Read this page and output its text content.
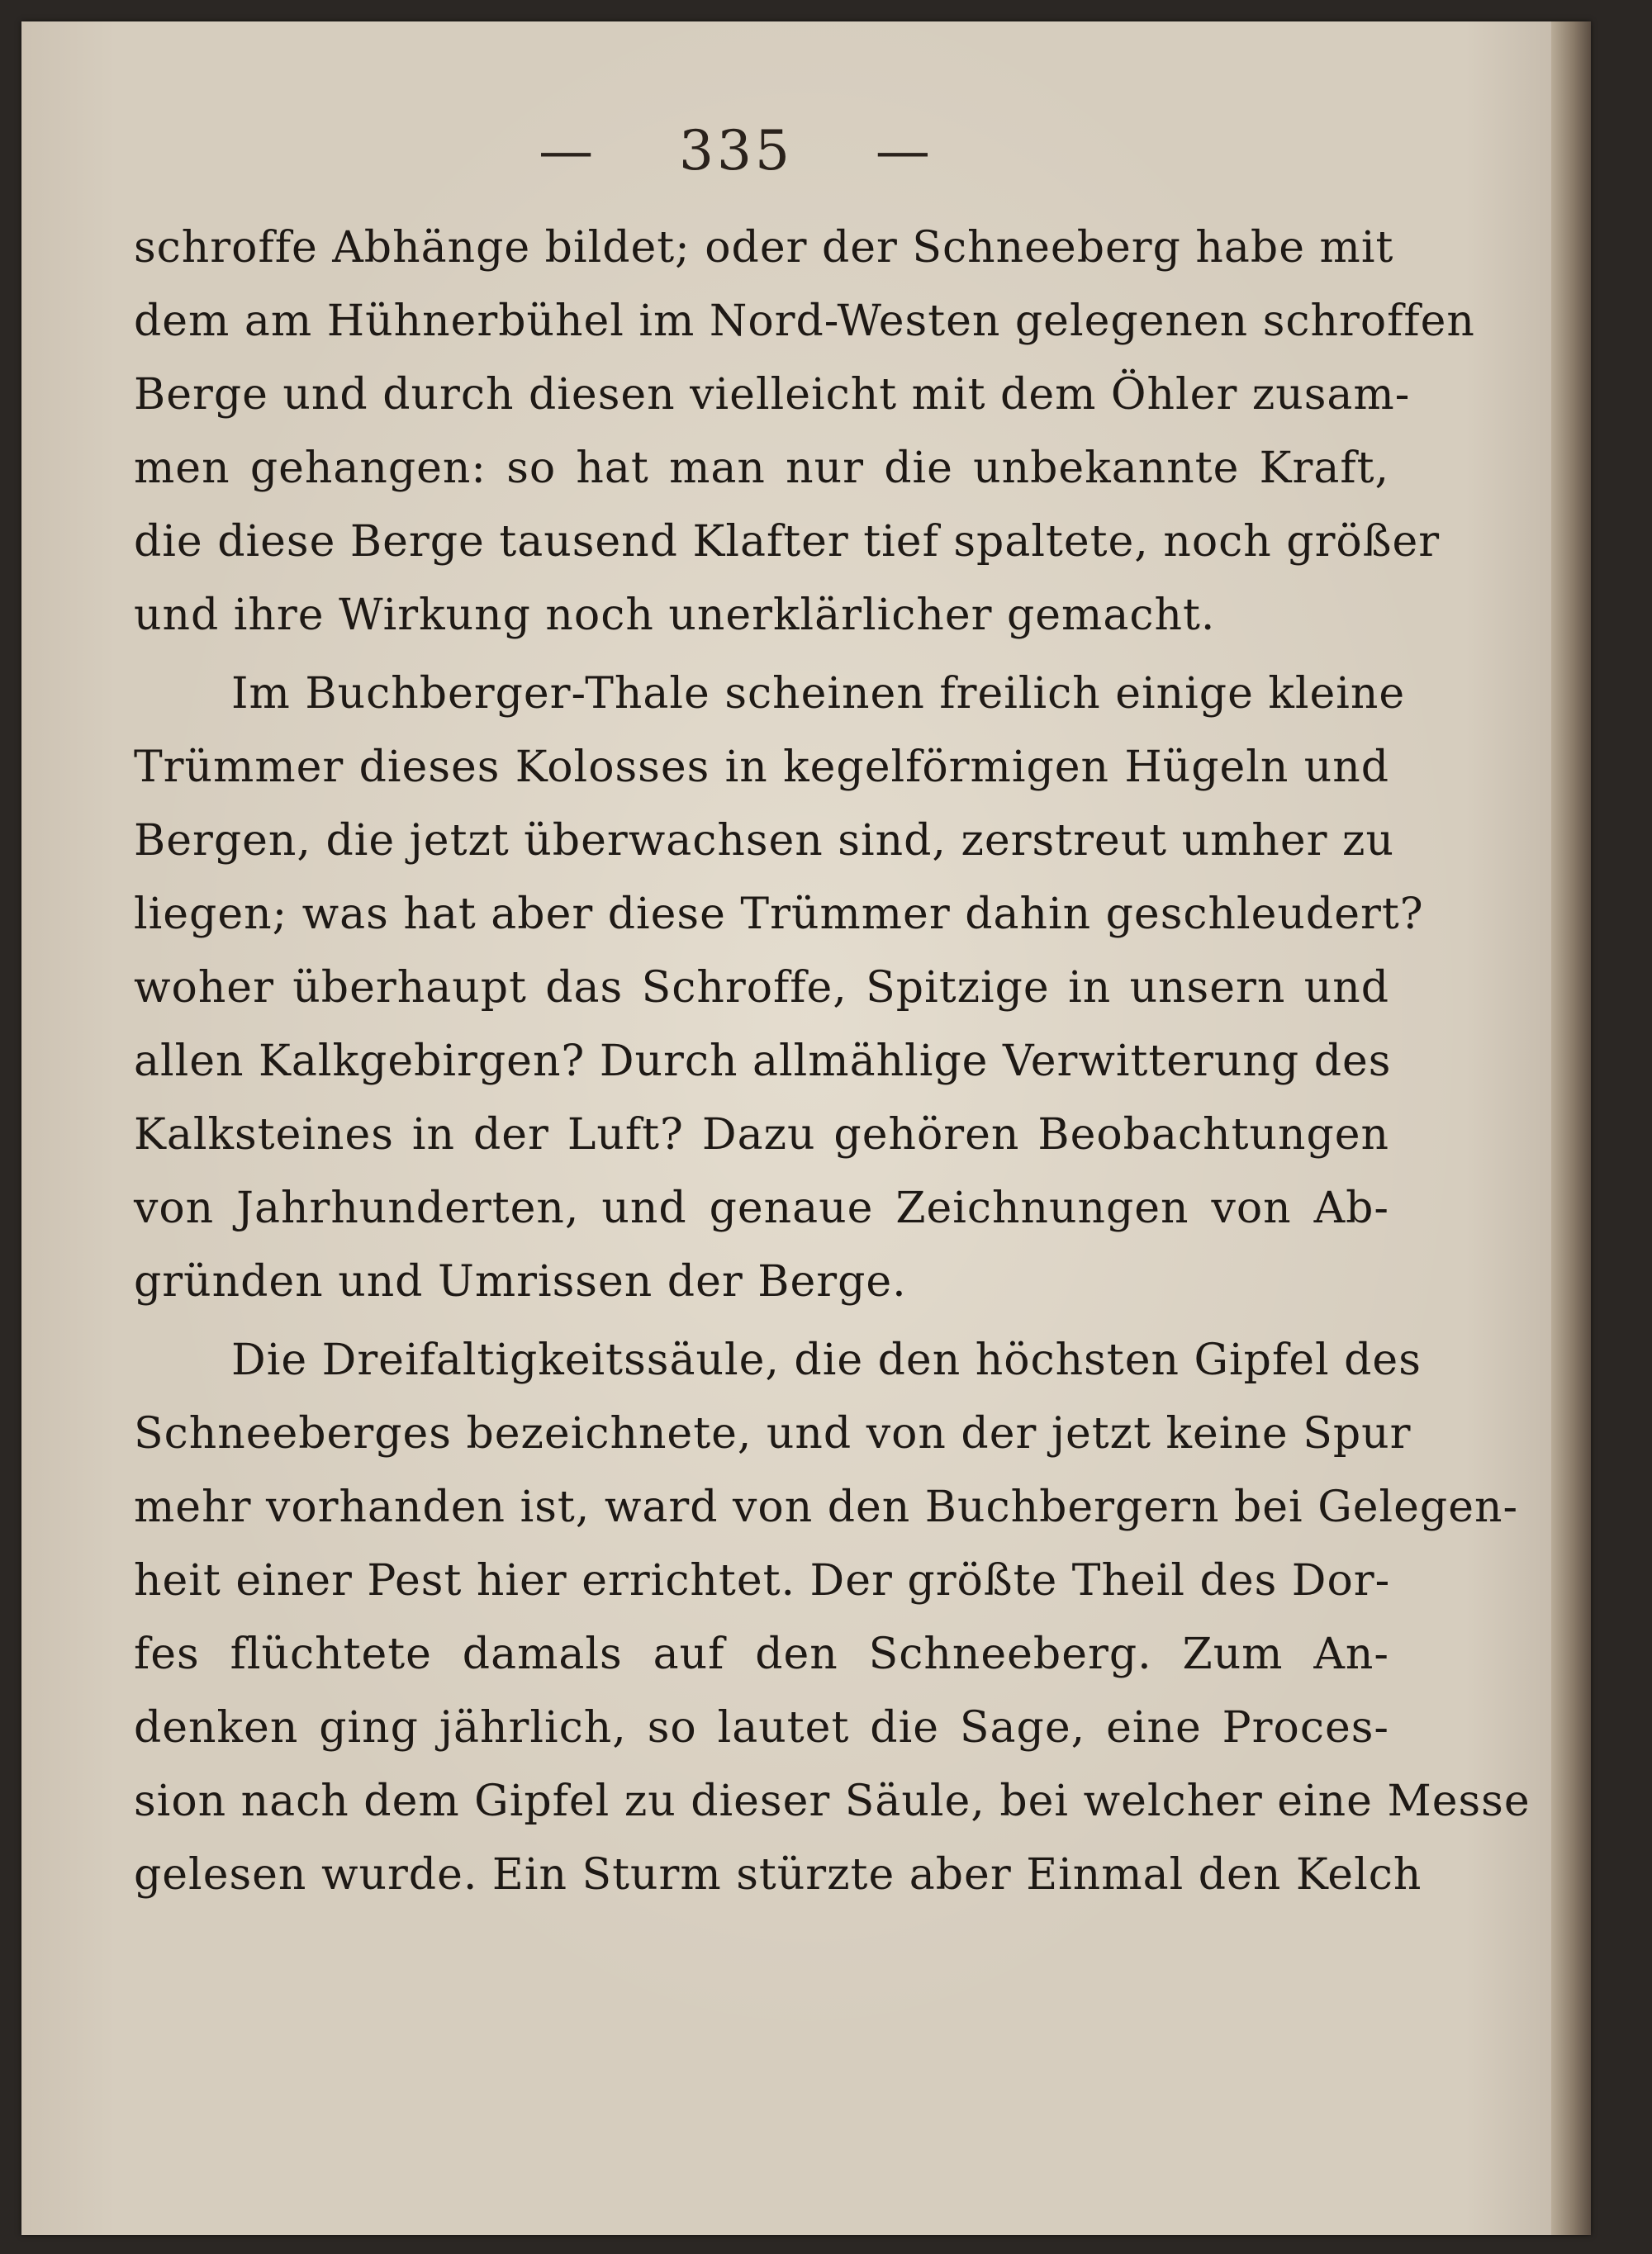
— 335 —
schroffe Abhänge bildet; oder der Schneeberg habe mit
dem am Hühnerbühel im Nord-Westen gelegenen schroffen
Berge und durch diesen vielleicht mit dem Öhler zusam-
men gehangen: so hat man nur die unbekannte Kraft,
die diese Berge tausend Klafter tief spaltete, noch größer
und ihre Wirkung noch unerklärlicher gemacht.
Im Buchberger-Thale scheinen freilich einige kleine
Trümmer dieses Kolosses in kegelförmigen Hügeln und
Bergen, die jetzt überwachsen sind, zerstreut umher zu
liegen; was hat aber diese Trümmer dahin geschleudert?
woher überhaupt das Schroffe, Spitzige in unsern und
allen Kalkgebirgen? Durch allmählige Verwitterung des
Kalksteines in der Luft? Dazu gehören Beobachtungen
von Jahrhunderten, und genaue Zeichnungen von Ab-
gründen und Umrissen der Berge.
Die Dreifaltigkeitssäule, die den höchsten Gipfel des
Schneeberges bezeichnete, und von der jetzt keine Spur
mehr vorhanden ist, ward von den Buchbergern bei Gelegen-
heit einer Pest hier errichtet. Der größte Theil des Dor-
fes flüchtete damals auf den Schneeberg. Zum An-
denken ging jährlich, so lautet die Sage, eine Proces-
sion nach dem Gipfel zu dieser Säule, bei welcher eine Messe
gelesen wurde. Ein Sturm stürzte aber Einmal den Kelch
